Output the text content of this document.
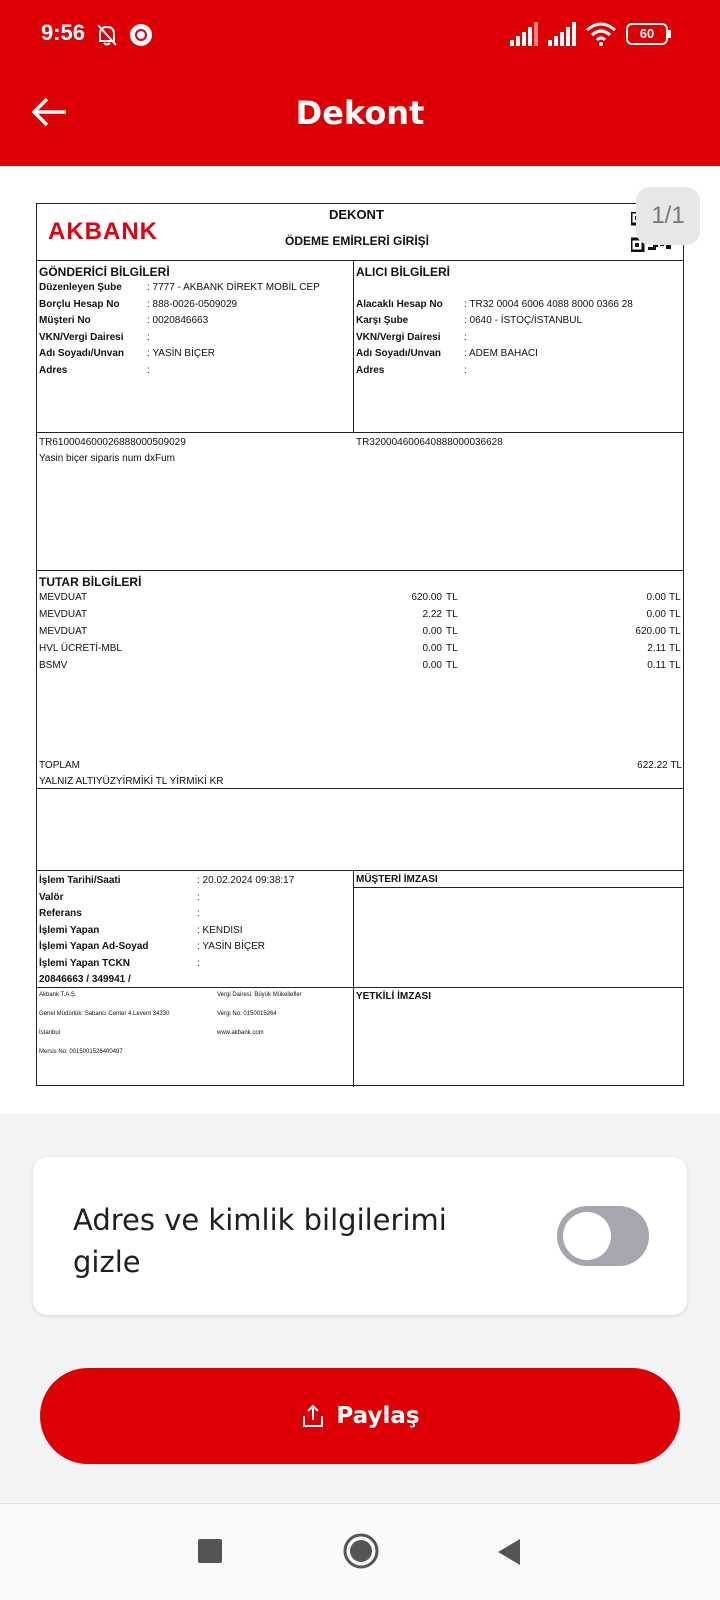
9:56	60
Dekont
1/1
AKBANK
DEKONT
ÖDEME EMİRLERİ GİRİŞİ
GÖNDERİCİ BİLGİLERİ	ALICI BİLGİLERİ
Düzenleyen Şube	: 7777 - AKBANK DİREKT MOBİL CEP
Borçlu Hesap No	: 888-0026-0509029
Müşteri No	: 0020846663
VKN/Vergi Dairesi :
Adı Soyadı/Unvan : YASİN BİÇER
Adres	:
Alacaklı Hesap No : TR32 0004 6006 4088 8000 0366 28
Karşı Şube	: 0640 - İSTOÇ/İSTANBUL
VKN/Vergi Dairesi :
Adı Soyadı/Unvan : ADEM BAHACI
Adres	:
TR610004600026888000509029	TR320004600640888000036628
Yasin biçer siparis num dxFum
TUTAR BİLGİLERİ
MEVDUAT	620.00 TL	0.00 TL
MEVDUAT	2.22 TL	0.00 TL
MEVDUAT	0.00 TL	620.00 TL
HVL ÜCRETİ-MBL	0.00 TL	2.11 TL
BSMV	0.00 TL	0.11 TL
TOPLAM	622.22 TL
YALNIZ ALTIYÜZYİRMİKİ TL YİRMİKİ KR
MÜŞTERİ İMZASI
YETKİLİ İMZASI
İşlem Tarihi/Saati	: 20.02.2024 09:38:17
Valör	:
Referans	:
İşlemi Yapan	: KENDISI
İşlemi Yapan Ad-Soyad	: YASİN BİÇER
İşlemi Yapan TCKN	:
20846663 / 349941 /
Akbank T.A.Ş.
Genel Müdürlük: Sabancı Center 4.Levent 34330
İstanbul
Mersis No: 0015001526400497
Vergi Dairesi: Büyük Mükellefler
Vergi No: 0150015264
www.akbank.com
Adres ve kimlik bilgilerimi gizle
Paylaş
